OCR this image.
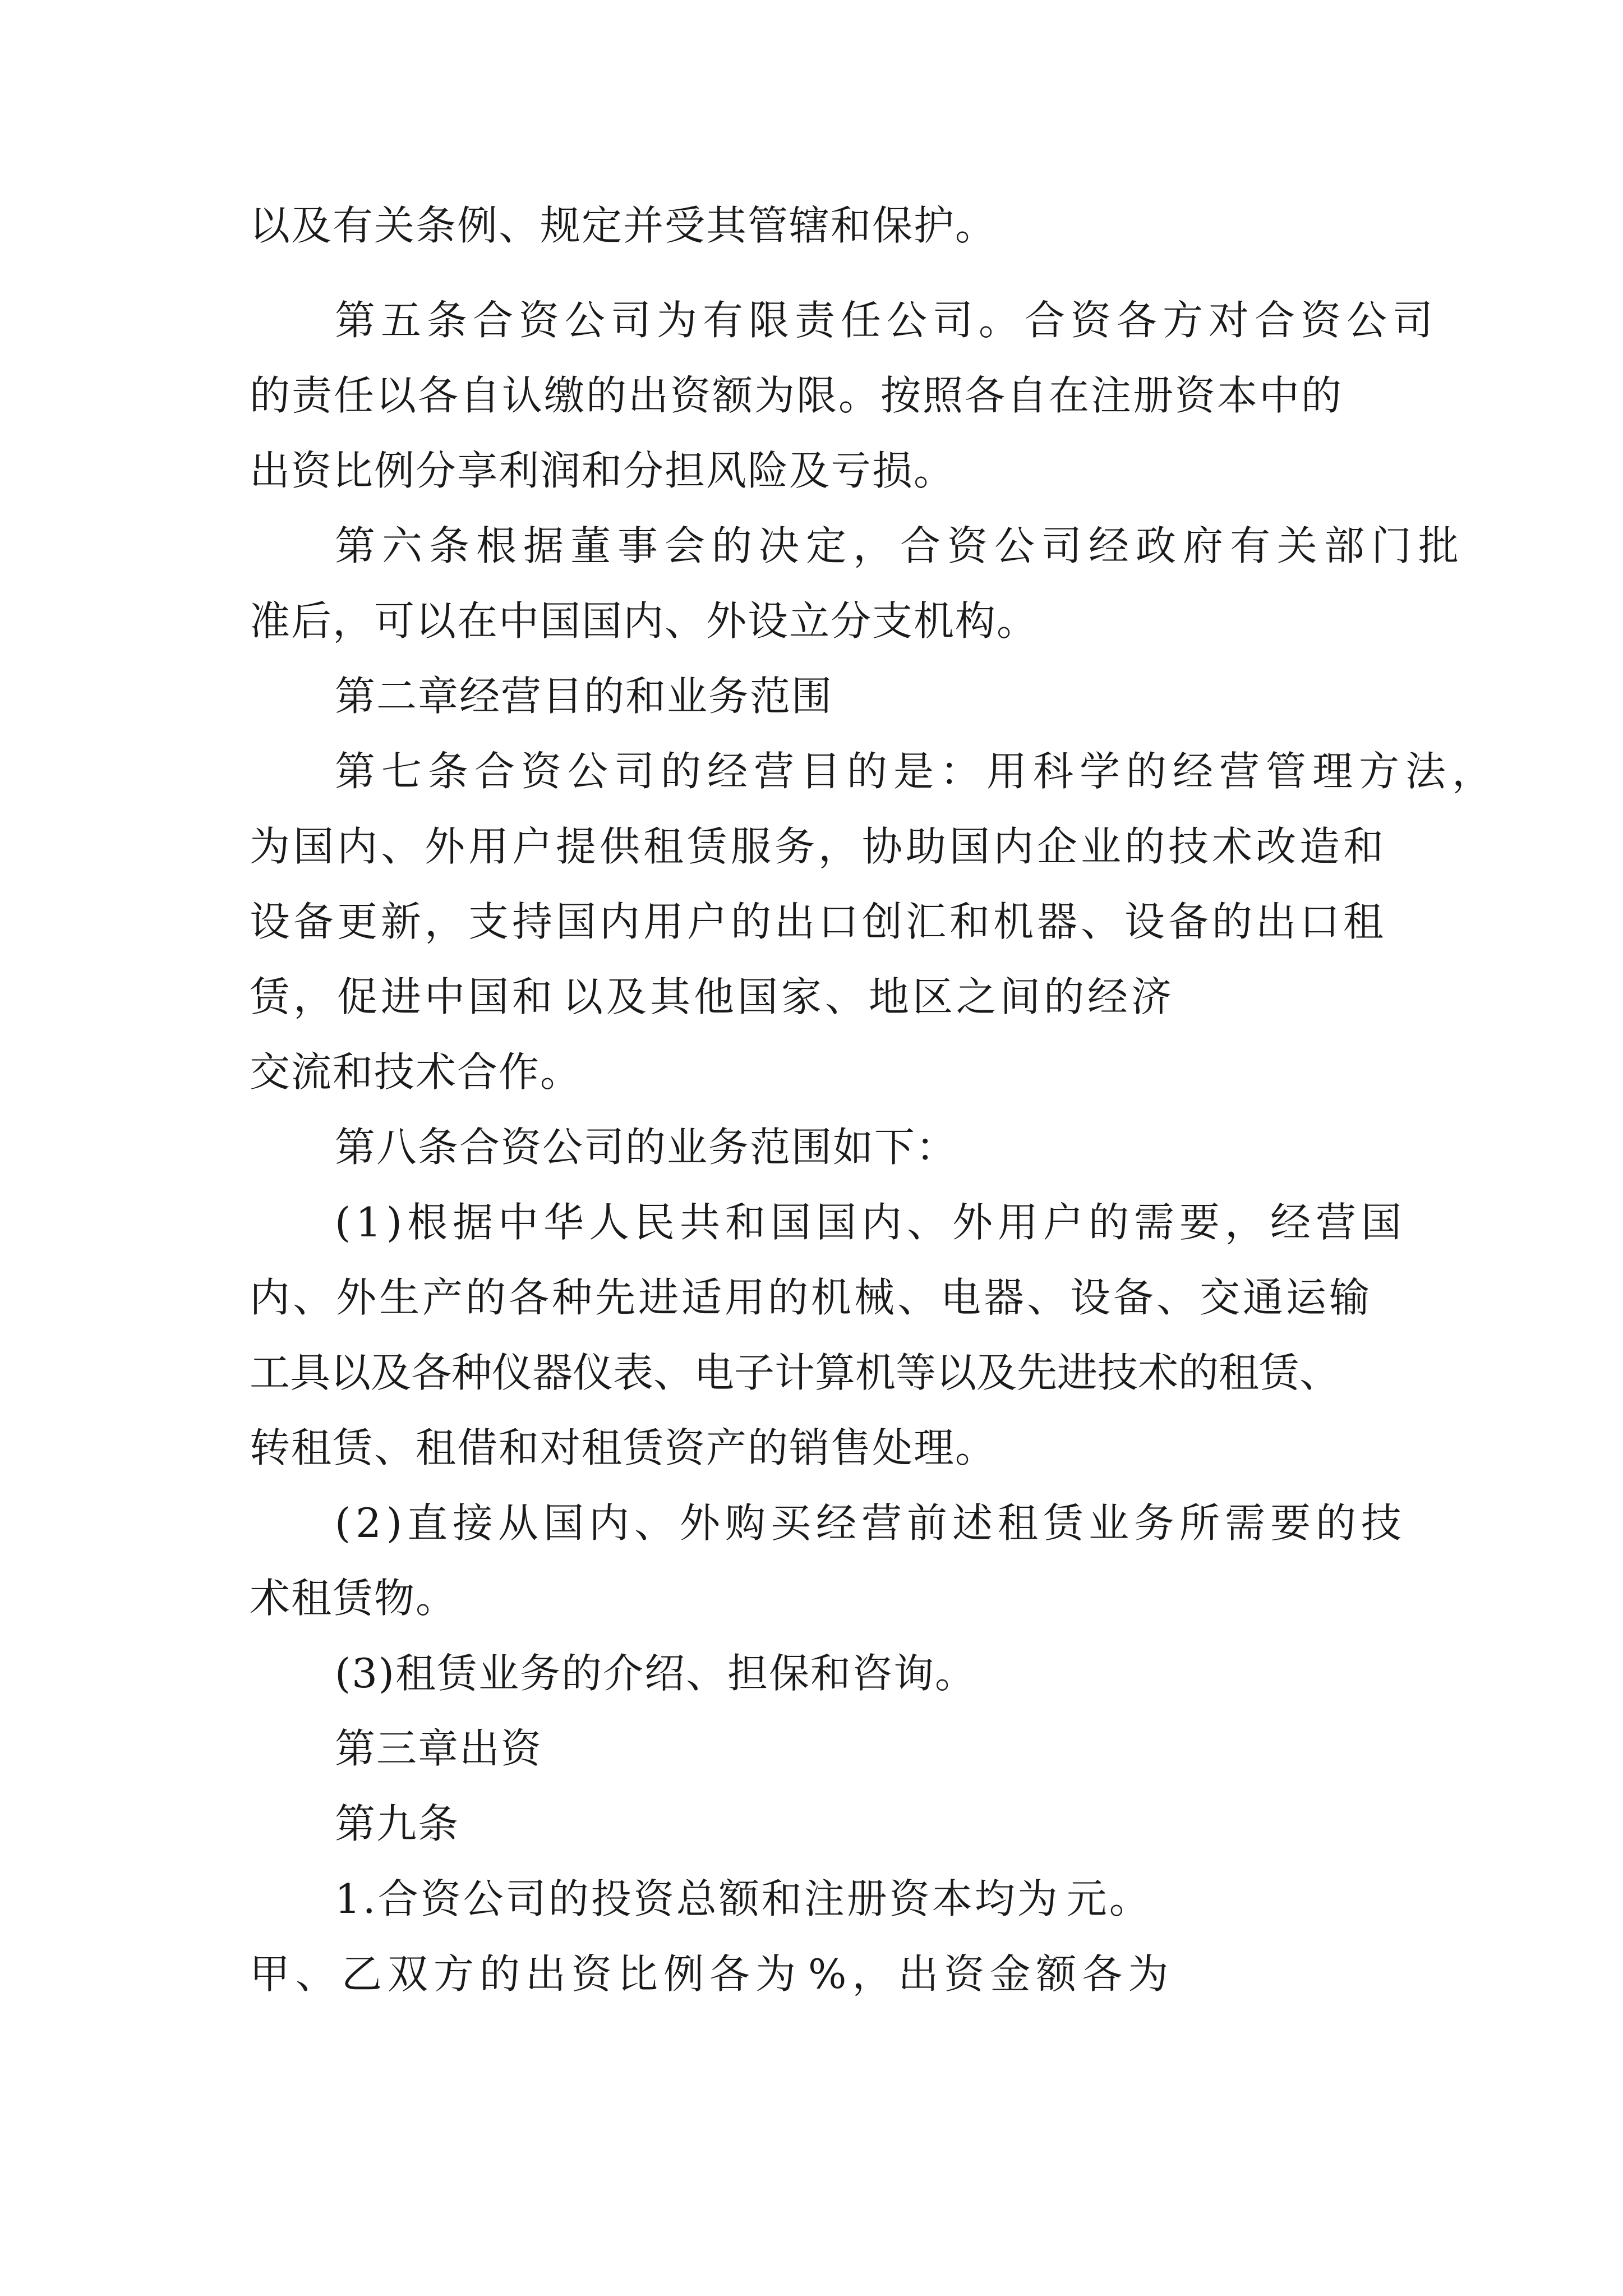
以及有关条例、规定并受其管辖和保护。

第五条合资公司为有限责任公司。合资各方对合资公司

的责任以各自认缴的出资额为限。按照各自在注册资本中的

出资比例分享利润和分担风险及亏损。

第六条根据董事会的决定，合资公司经政府有关部门批

准后，可以在中国国内、外设立分支机构。

第二章经营目的和业务范围

第七条合资公司的经营目的是：用科学的经营管理方法，

为国内、外用户提供租赁服务，协助国内企业的技术改造和

设备更新，支持国内用户的出口创汇和机器、设备的出口租

赁，促进中国和 以及其他国家、地区之间的经济

交流和技术合作。

第八条合资公司的业务范围如下：

(1)根据中华人民共和国国内、外用户的需要，经营国

内、外生产的各种先进适用的机械、电器、设备、交通运输

工具以及各种仪器仪表、电子计算机等以及先进技术的租赁、

转租赁、租借和对租赁资产的销售处理。

(2)直接从国内、外购买经营前述租赁业务所需要的技

术租赁物。

(3)租赁业务的介绍、担保和咨询。

第三章出资

第九条

1.合资公司的投资总额和注册资本均为 元。

甲、乙双方的出资比例各为 %，出资金额各为
